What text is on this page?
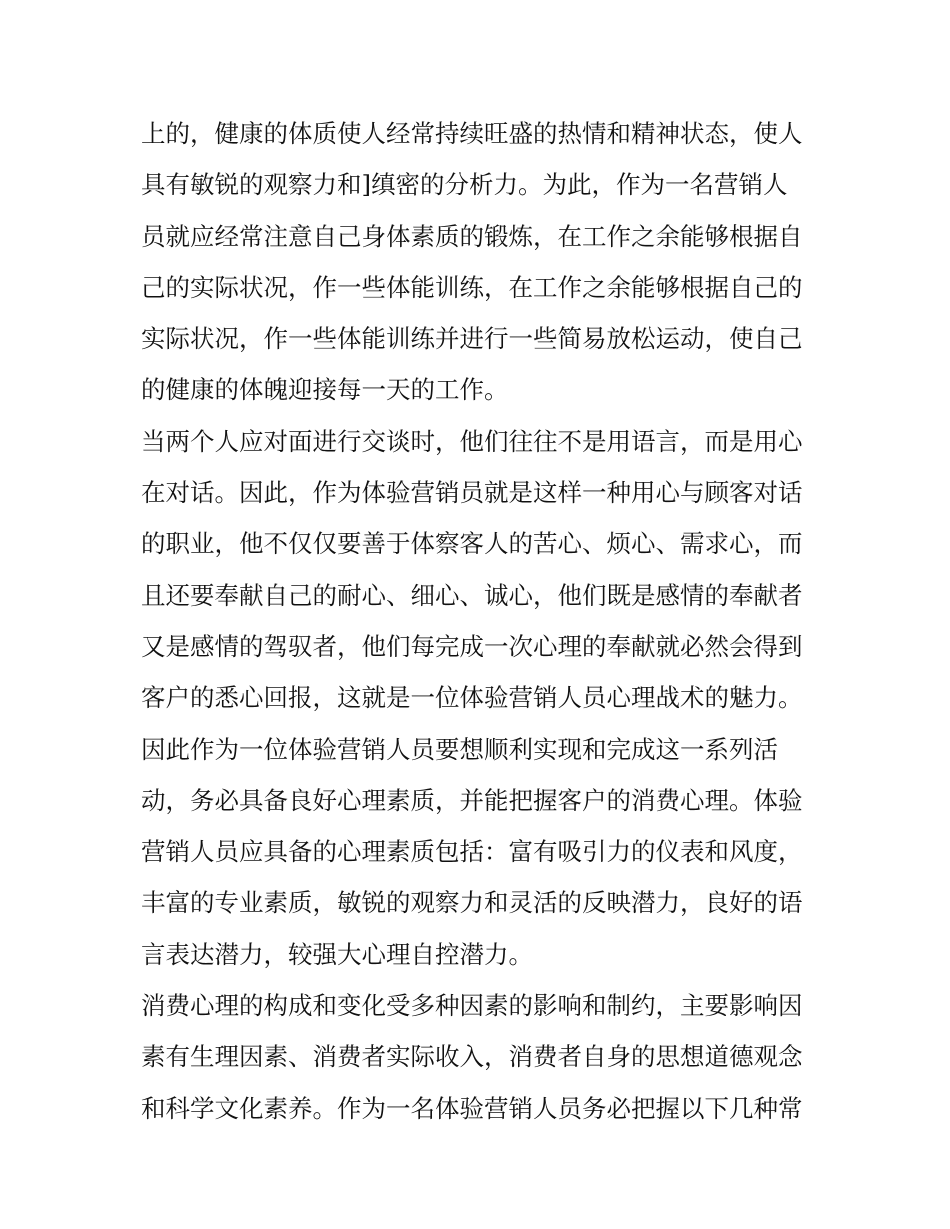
上的，健康的体质使人经常持续旺盛的热情和精神状态，使人
具有敏锐的观察力和]缜密的分析力。为此，作为一名营销人
员就应经常注意自己身体素质的锻炼，在工作之余能够根据自
己的实际状况，作一些体能训练，在工作之余能够根据自己的
实际状况，作一些体能训练并进行一些简易放松运动，使自己
的健康的体魄迎接每一天的工作。
当两个人应对面进行交谈时，他们往往不是用语言，而是用心
在对话。因此，作为体验营销员就是这样一种用心与顾客对话
的职业，他不仅仅要善于体察客人的苦心、烦心、需求心，而
且还要奉献自己的耐心、细心、诚心，他们既是感情的奉献者
又是感情的驾驭者，他们每完成一次心理的奉献就必然会得到
客户的悉心回报，这就是一位体验营销人员心理战术的魅力。
因此作为一位体验营销人员要想顺利实现和完成这一系列活
动，务必具备良好心理素质，并能把握客户的消费心理。体验
营销人员应具备的心理素质包括：富有吸引力的仪表和风度，
丰富的专业素质，敏锐的观察力和灵活的反映潜力，良好的语
言表达潜力，较强大心理自控潜力。
消费心理的构成和变化受多种因素的影响和制约，主要影响因
素有生理因素、消费者实际收入，消费者自身的思想道德观念
和科学文化素养。作为一名体验营销人员务必把握以下几种常
